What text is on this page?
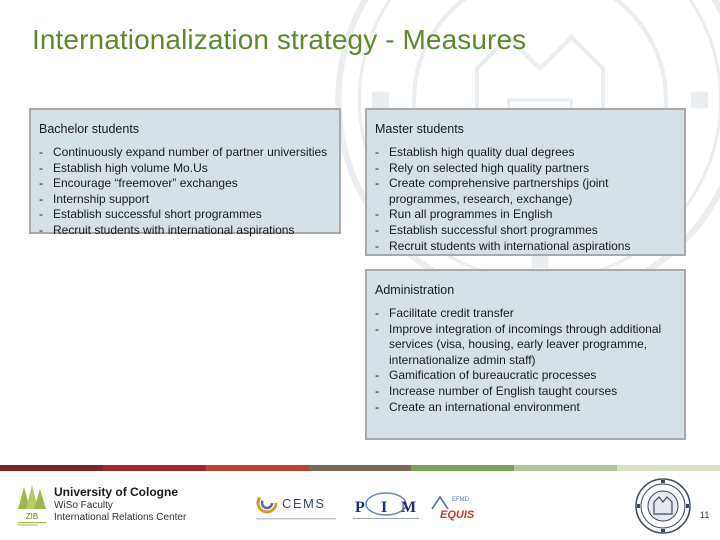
Internationalization strategy - Measures
Bachelor students
- Continuously expand number of partner universities
- Establish high volume Mo.Us
- Encourage “freemover” exchanges
- Internship support
- Establish successful short programmes
- Recruit students with international aspirations
Master students
- Establish high quality dual degrees
- Rely on selected high quality partners
- Create comprehensive partnerships (joint programmes, research, exchange)
- Run all programmes in English
- Establish successful short programmes
- Recruit students with international aspirations
Administration
- Facilitate credit transfer
- Improve integration of incomings through additional services (visa, housing, early leaver programme, internationalize admin staff)
- Gamification of bureaucratic processes
- Increase number of English taught courses
- Create an international environment
ZIB
University of Cologne
WiSo Faculty
International Relations Center
CEMS P I M	EFMD
EQUIS	11
